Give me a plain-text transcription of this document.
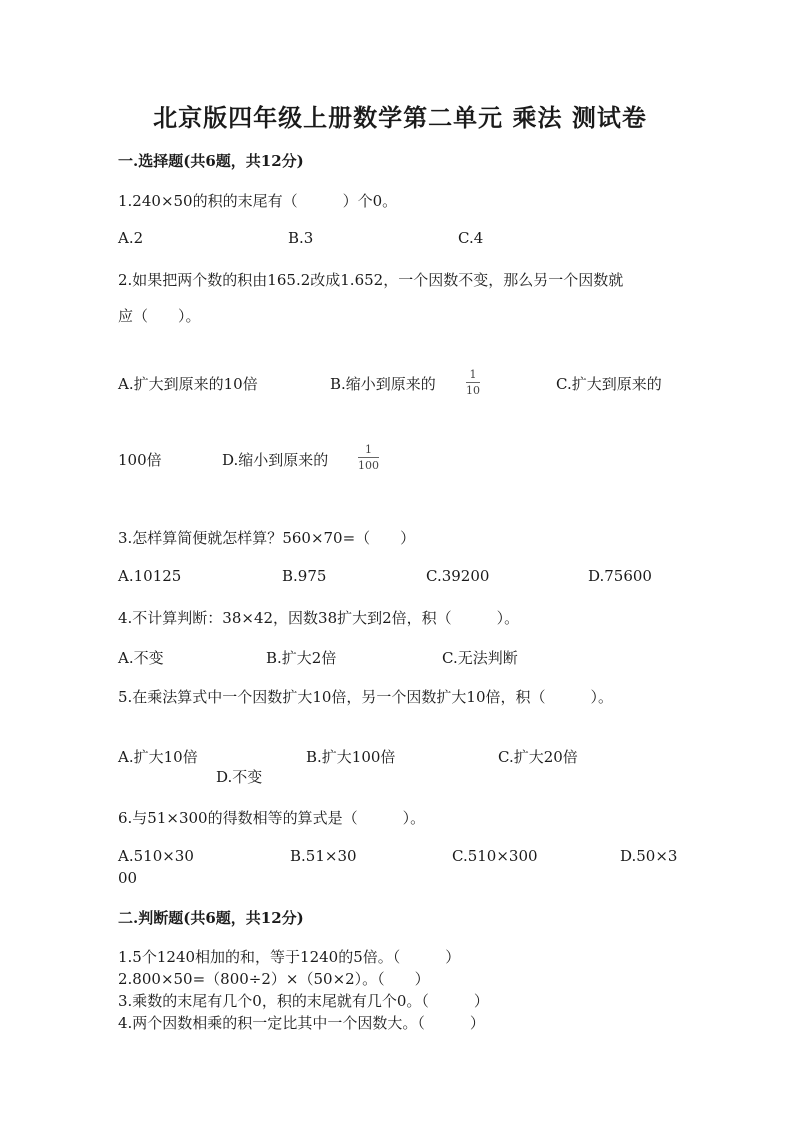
北京版四年级上册数学第二单元 乘法 测试卷
一.选择题(共6题，共12分)
1.240×50的积的末尾有（　　　）个0。
A.2	B.3	C.4
2.如果把两个数的积由165.2改成1.652，一个因数不变，那么另一个因数就
应（　　）。
A.扩大到原来的10倍	B.缩小到原来的
1
10	C.扩大到原来的
100倍	D.缩小到原来的
1
100
3.怎样算简便就怎样算？560×70=（　　）
A.10125	B.975	C.39200	D.75600
4.不计算判断：38×42，因数38扩大到2倍，积（　　　）。
A.不变	B.扩大2倍	C.无法判断
5.在乘法算式中一个因数扩大10倍，另一个因数扩大10倍，积（　　　）。
A.扩大10倍	B.扩大100倍	C.扩大20倍
D.不变
6.与51×300的得数相等的算式是（　　　）。
A.510×30	B.51×30	C.510×300	D.50×3
00
二.判断题(共6题，共12分)
1.5个1240相加的和，等于1240的5倍。（　　　）
2.800×50=（800÷2）×（50×2）。（　　）
3.乘数的末尾有几个0，积的末尾就有几个0。（　　　）
4.两个因数相乘的积一定比其中一个因数大。（　　　）
